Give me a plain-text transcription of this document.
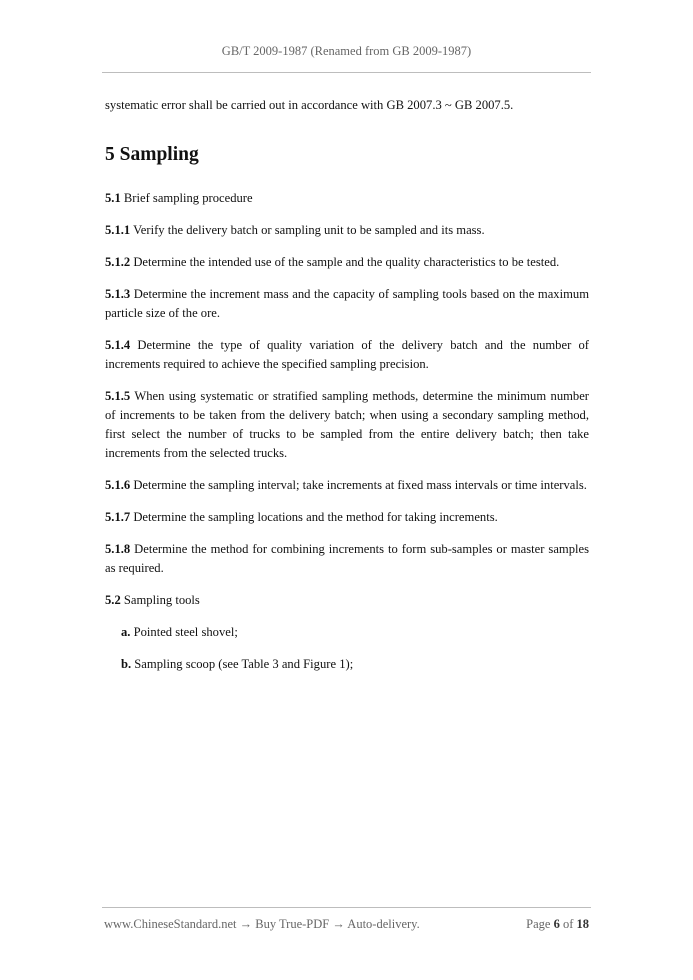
GB/T 2009-1987 (Renamed from GB 2009-1987)

systematic error shall be carried out in accordance with GB 2007.3 ~ GB 2007.5.

5 Sampling

5.1 Brief sampling procedure

5.1.1 Verify the delivery batch or sampling unit to be sampled and its mass.

5.1.2 Determine the intended use of the sample and the quality characteristics to be tested.

5.1.3 Determine the increment mass and the capacity of sampling tools based on the maximum particle size of the ore.

5.1.4 Determine the type of quality variation of the delivery batch and the number of increments required to achieve the specified sampling precision.

5.1.5 When using systematic or stratified sampling methods, determine the minimum number of increments to be taken from the delivery batch; when using a secondary sampling method, first select the number of trucks to be sampled from the entire delivery batch; then take increments from the selected trucks.

5.1.6 Determine the sampling interval; take increments at fixed mass intervals or time intervals.

5.1.7 Determine the sampling locations and the method for taking increments.

5.1.8 Determine the method for combining increments to form sub-samples or master samples as required.

5.2 Sampling tools

a. Pointed steel shovel;

b. Sampling scoop (see Table 3 and Figure 1);

www.ChineseStandard.net → Buy True-PDF → Auto-delivery.	Page 6 of 18
